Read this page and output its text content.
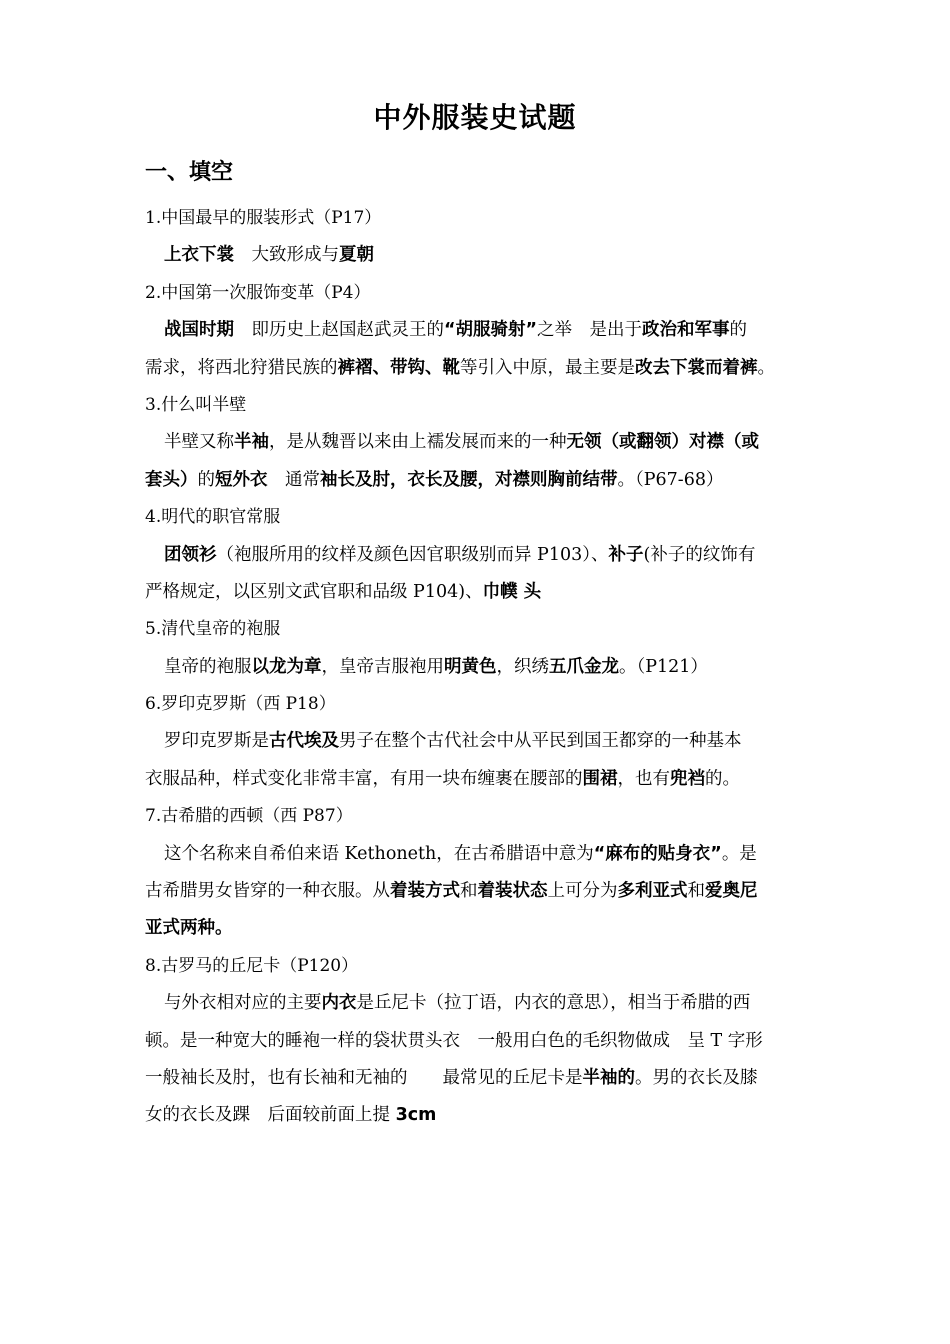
中外服装史试题
一、填空
1.中国最早的服装形式（P17）
上衣下裳　大致形成与夏朝
2.中国第一次服饰变革（P4）
战国时期　即历史上赵国赵武灵王的“胡服骑射”之举　是出于政治和军事的
需求，将西北狩猎民族的裤褶、带钩、靴等引入中原，最主要是改去下裳而着裤。
3.什么叫半壁
半壁又称半袖，是从魏晋以来由上襦发展而来的一种无领（或翻领）对襟（或
套头）的短外衣　通常袖长及肘，衣长及腰，对襟则胸前结带。（P67-68）
4.明代的职官常服
团领衫（袍服所用的纹样及颜色因官职级别而异 P103）、补子(补子的纹饰有
严格规定，以区别文武官职和品级 P104)、巾幞 头
5.清代皇帝的袍服
皇帝的袍服以龙为章，皇帝吉服袍用明黄色，织绣五爪金龙。（P121）
6.罗印克罗斯（西 P18）
罗印克罗斯是古代埃及男子在整个古代社会中从平民到国王都穿的一种基本
衣服品种，样式变化非常丰富，有用一块布缠裹在腰部的围裙，也有兜裆的。
7.古希腊的西顿（西 P87）
这个名称来自希伯来语 Kethoneth，在古希腊语中意为“麻布的贴身衣”。是
古希腊男女皆穿的一种衣服。从着装方式和着装状态上可分为多利亚式和爱奥尼
亚式两种。
8.古罗马的丘尼卡（P120）
与外衣相对应的主要内衣是丘尼卡（拉丁语，内衣的意思），相当于希腊的西
顿。是一种宽大的睡袍一样的袋状贯头衣　一般用白色的毛织物做成　呈 T 字形
一般袖长及肘，也有长袖和无袖的　　最常见的丘尼卡是半袖的。男的衣长及膝
女的衣长及踝　后面较前面上提 3cm
